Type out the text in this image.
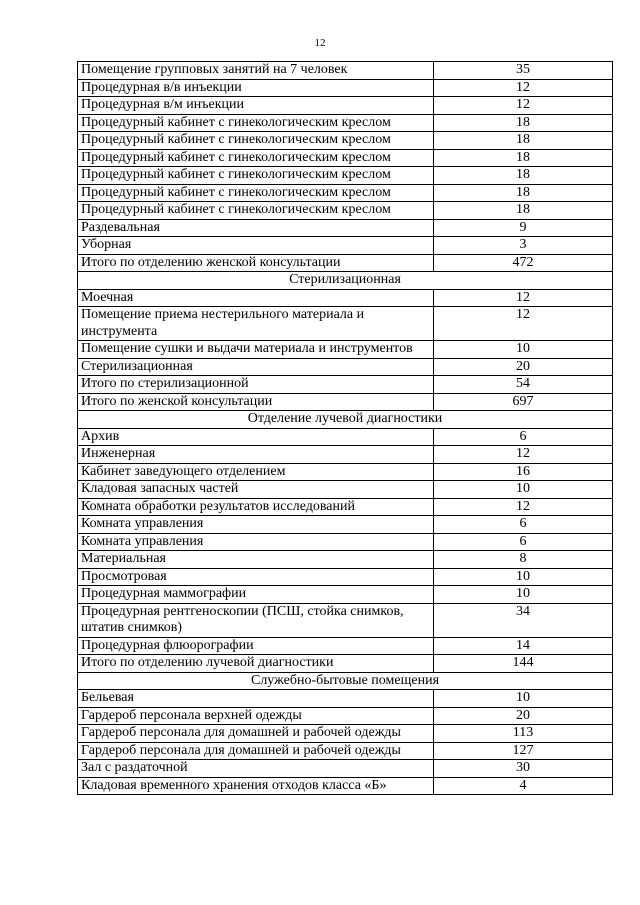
12
Помещение групповых занятий на 7 человек	35
Процедурная в/в инъекции	12
Процедурная в/м инъекции	12
Процедурный кабинет с гинекологическим креслом	18
Процедурный кабинет с гинекологическим креслом	18
Процедурный кабинет с гинекологическим креслом	18
Процедурный кабинет с гинекологическим креслом	18
Процедурный кабинет с гинекологическим креслом	18
Процедурный кабинет с гинекологическим креслом	18
Раздевальная	9
Уборная	3
Итого по отделению женской консультации	472
Стерилизационная	
Моечная	12
Помещение приема нестерильного материала и инструмента	12
Помещение сушки и выдачи материала и инструментов	10
Стерилизационная	20
Итого по стерилизационной	54
Итого по женской консультации	697
Отделение лучевой диагностики	
Архив	6
Инженерная	12
Кабинет заведующего отделением	16
Кладовая запасных частей	10
Комната обработки результатов исследований	12
Комната управления	6
Комната управления	6
Материальная	8
Просмотровая	10
Процедурная маммографии	10
Процедурная рентгеноскопии (ПСШ, стойка снимков, штатив снимков)	34
Процедурная флюорографии	14
Итого по отделению лучевой диагностики	144
Служебно-бытовые помещения	
Бельевая	10
Гардероб персонала верхней одежды	20
Гардероб персонала для домашней и рабочей одежды	113
Гардероб персонала для домашней и рабочей одежды	127
Зал с раздаточной	30
Кладовая временного хранения отходов класса «Б»	4
